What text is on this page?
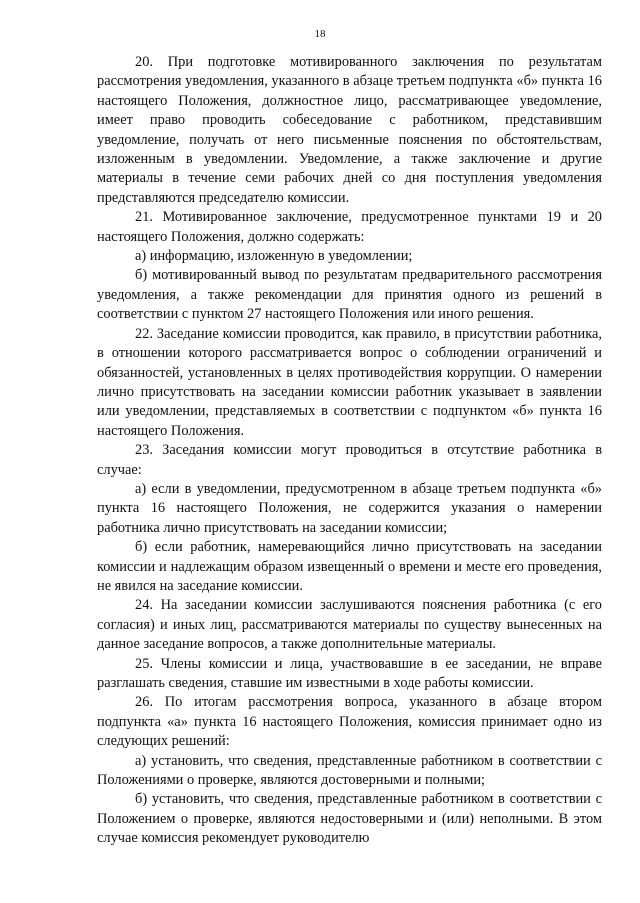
18

20. При подготовке мотивированного заключения по результатам рассмотрения уведомления, указанного в абзаце третьем подпункта «б» пункта 16 настоящего Положения, должностное лицо, рассматривающее уведомление, имеет право проводить собеседование с работником, представившим уведомление, получать от него письменные пояснения по обстоятельствам, изложенным в уведомлении. Уведомление, а также заключение и другие материалы в течение семи рабочих дней со дня поступления уведомления представляются председателю комиссии.

21. Мотивированное заключение, предусмотренное пунктами 19 и 20 настоящего Положения, должно содержать:

а) информацию, изложенную в уведомлении;

б) мотивированный вывод по результатам предварительного рассмотрения уведомления, а также рекомендации для принятия одного из решений в соответствии с пунктом 27 настоящего Положения или иного решения.

22. Заседание комиссии проводится, как правило, в присутствии работника, в отношении которого рассматривается вопрос о соблюдении ограничений и обязанностей, установленных в целях противодействия коррупции. О намерении лично присутствовать на заседании комиссии работник указывает в заявлении или уведомлении, представляемых в соответствии с подпунктом «б» пункта 16 настоящего Положения.

23. Заседания комиссии могут проводиться в отсутствие работника в случае:

а) если в уведомлении, предусмотренном в абзаце третьем подпункта «б» пункта 16 настоящего Положения, не содержится указания о намерении работника лично присутствовать на заседании комиссии;

б) если работник, намеревающийся лично присутствовать на заседании комиссии и надлежащим образом извещенный о времени и месте его проведения, не явился на заседание комиссии.

24. На заседании комиссии заслушиваются пояснения работника (с его согласия) и иных лиц, рассматриваются материалы по существу вынесенных на данное заседание вопросов, а также дополнительные материалы.

25. Члены комиссии и лица, участвовавшие в ее заседании, не вправе разглашать сведения, ставшие им известными в ходе работы комиссии.

26. По итогам рассмотрения вопроса, указанного в абзаце втором подпункта «а» пункта 16 настоящего Положения, комиссия принимает одно из следующих решений:

а) установить, что сведения, представленные работником в соответствии с Положениями о проверке, являются достоверными и полными;

б) установить, что сведения, представленные работником в соответствии с Положением о проверке, являются недостоверными и (или) неполными. В этом случае комиссия рекомендует руководителю
